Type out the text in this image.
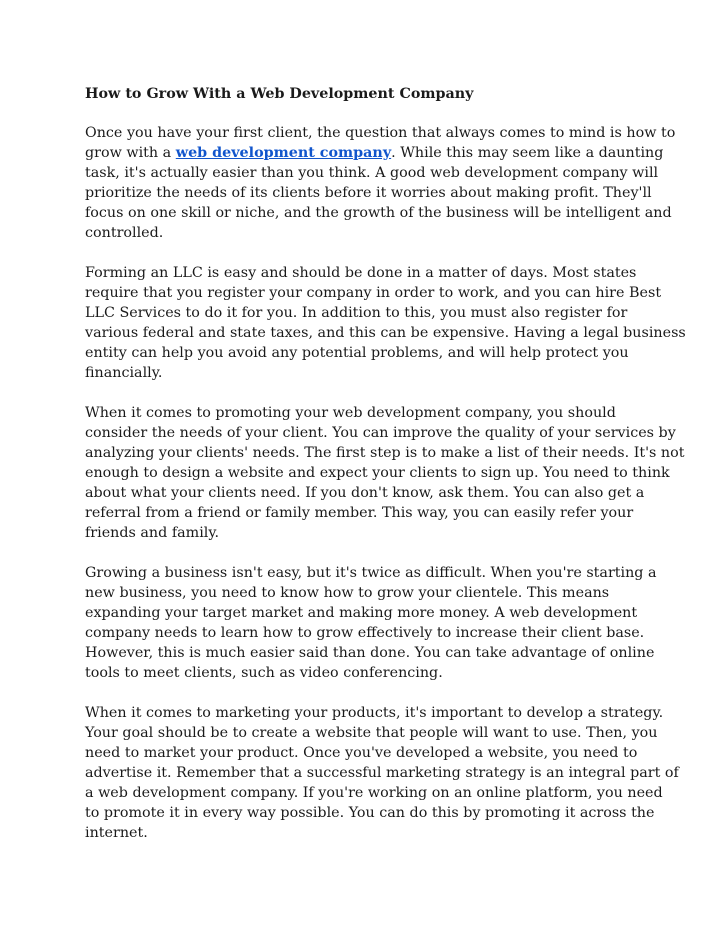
How to Grow With a Web Development Company
Once you have your first client, the question that always comes to mind is how to
grow with a web development company. While this may seem like a daunting
task, it's actually easier than you think. A good web development company will
prioritize the needs of its clients before it worries about making profit. They'll
focus on one skill or niche, and the growth of the business will be intelligent and
controlled.
Forming an LLC is easy and should be done in a matter of days. Most states
require that you register your company in order to work, and you can hire Best
LLC Services to do it for you. In addition to this, you must also register for
various federal and state taxes, and this can be expensive. Having a legal business
entity can help you avoid any potential problems, and will help protect you
financially.
When it comes to promoting your web development company, you should
consider the needs of your client. You can improve the quality of your services by
analyzing your clients' needs. The first step is to make a list of their needs. It's not
enough to design a website and expect your clients to sign up. You need to think
about what your clients need. If you don't know, ask them. You can also get a
referral from a friend or family member. This way, you can easily refer your
friends and family.
Growing a business isn't easy, but it's twice as difficult. When you're starting a
new business, you need to know how to grow your clientele. This means
expanding your target market and making more money. A web development
company needs to learn how to grow effectively to increase their client base.
However, this is much easier said than done. You can take advantage of online
tools to meet clients, such as video conferencing.
When it comes to marketing your products, it's important to develop a strategy.
Your goal should be to create a website that people will want to use. Then, you
need to market your product. Once you've developed a website, you need to
advertise it. Remember that a successful marketing strategy is an integral part of
a web development company. If you're working on an online platform, you need
to promote it in every way possible. You can do this by promoting it across the
internet.
